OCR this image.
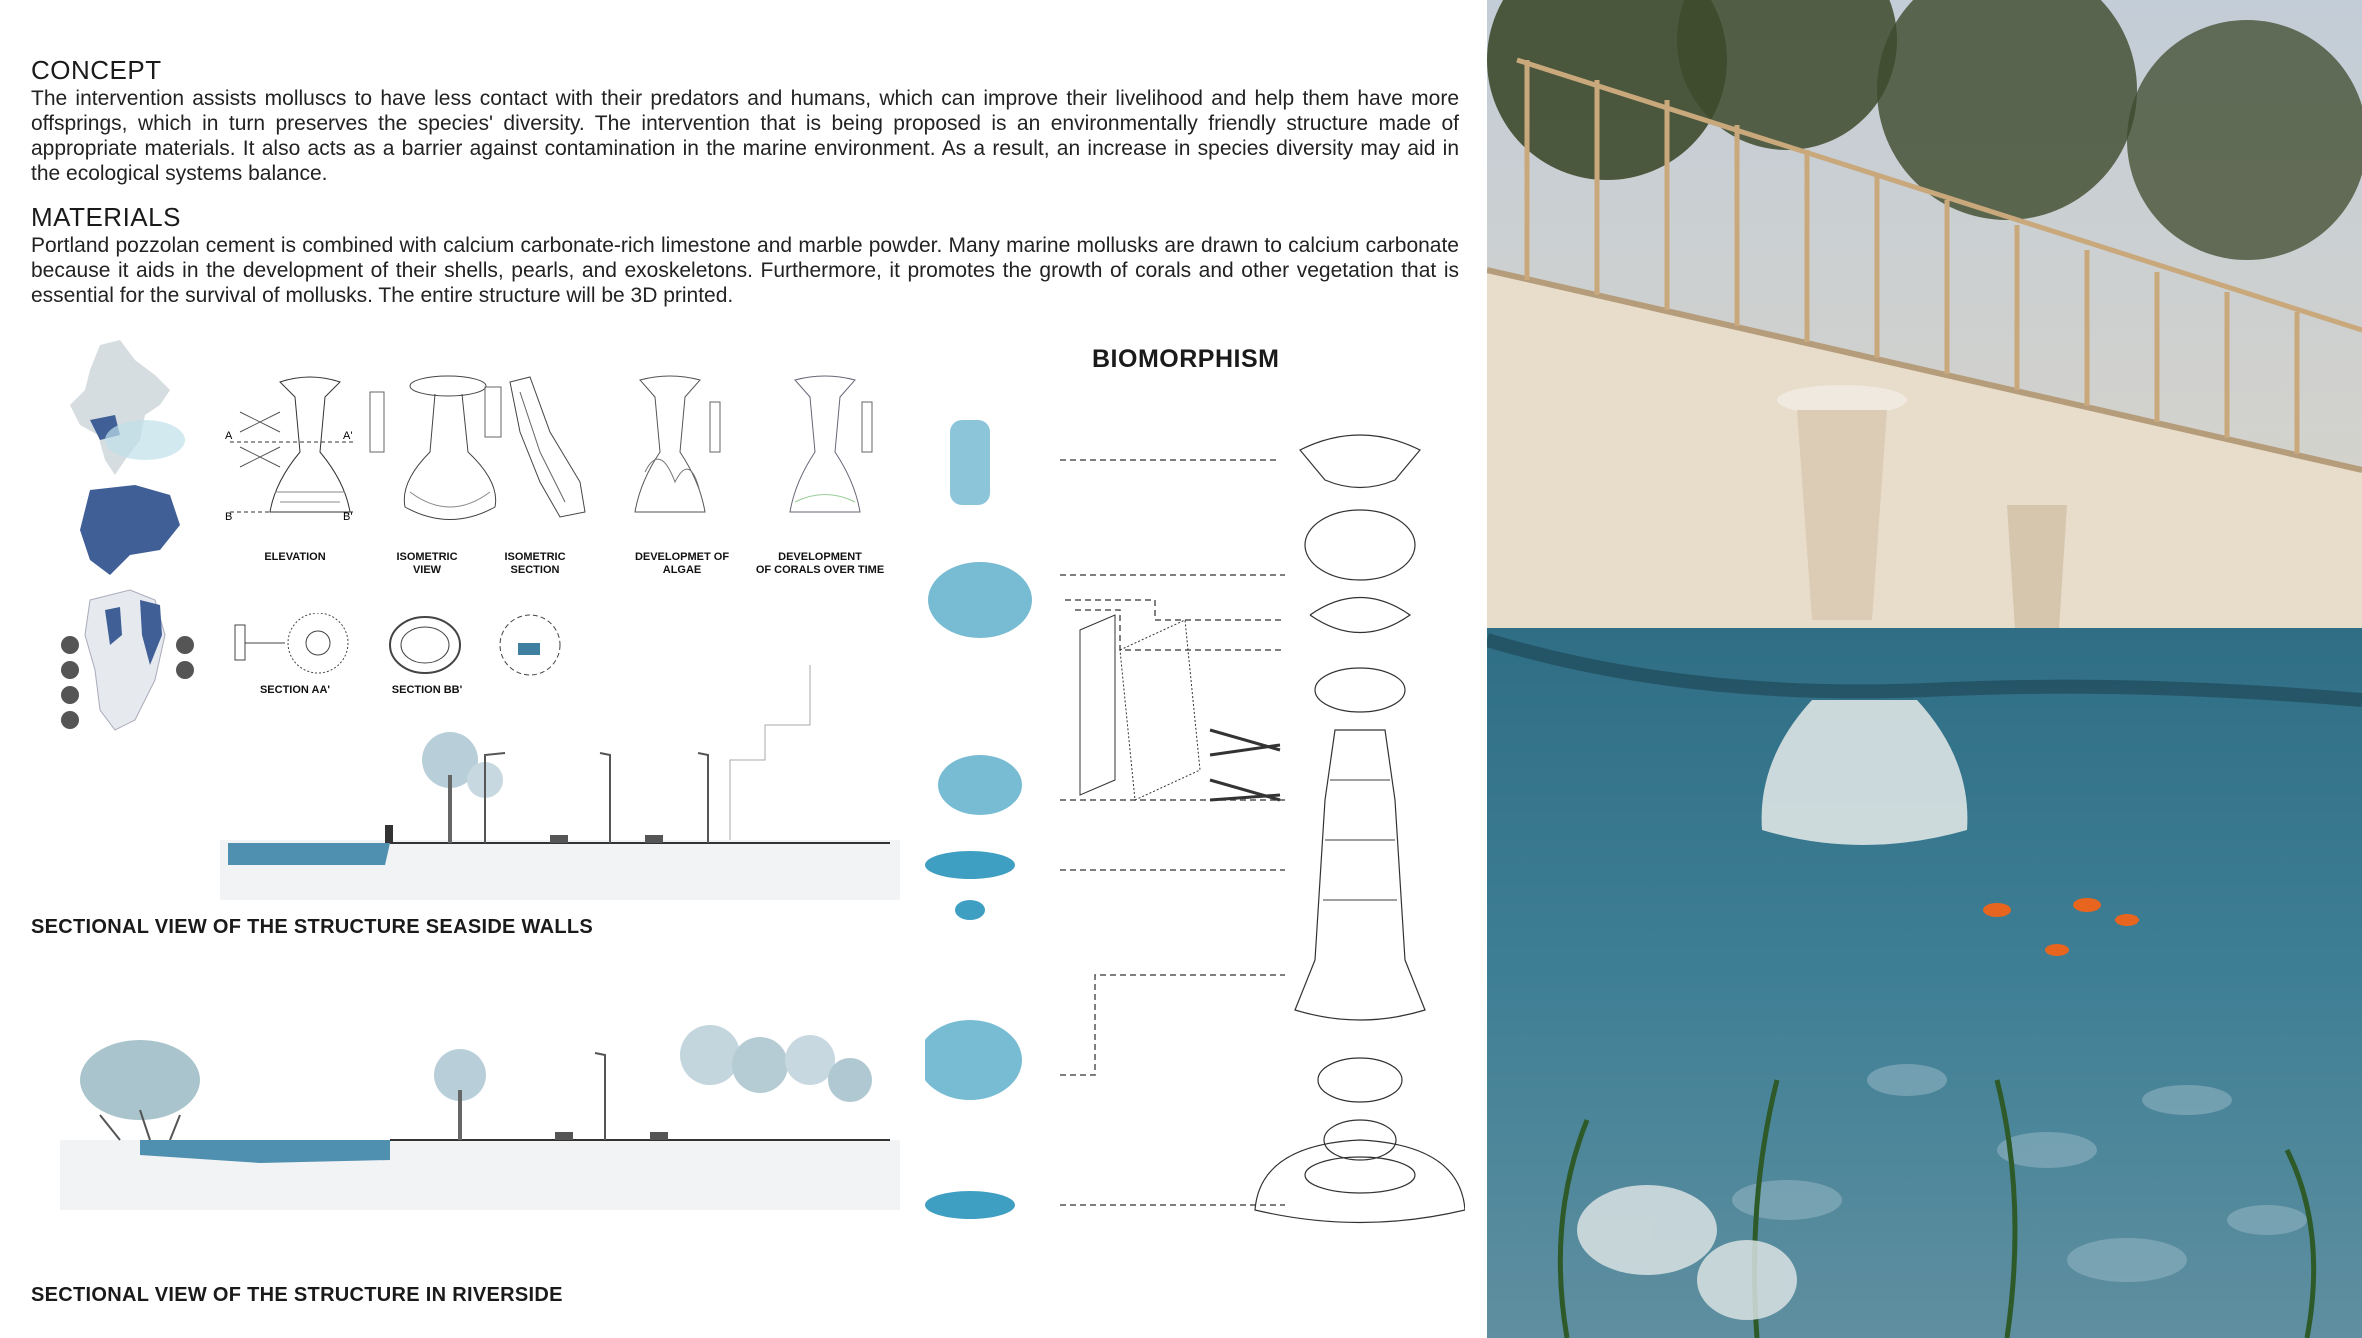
CONCEPT

The intervention assists molluscs to have less contact with their predators and humans, which can improve their livelihood and help them have more offsprings, which in turn preserves the species' diversity. The intervention that is being proposed is an environmentally friendly structure made of appropriate materials. It also acts as a barrier against contamination in the marine environment. As a result, an increase in species diversity may aid in the ecological systems balance.

MATERIALS

Portland pozzolan cement is combined with calcium carbonate-rich limestone and marble powder. Many marine mollusks are drawn to calcium carbonate because it aids in the development of their shells, pearls, and exoskeletons. Furthermore, it promotes the growth of corals and other vegetation that is essential for the survival of mollusks. The entire structure will be 3D printed.

A	A'
B	B'
ELEVATION	ISOMETRIC
VIEW
ISOMETRIC
SECTION
DEVELOPMET OF
ALGAE
DEVELOPMENT
OF CORALS OVER TIME
SECTION AA'	SECTION BB'
SECTIONAL VIEW OF THE STRUCTURE SEASIDE WALLS
SECTIONAL VIEW OF THE STRUCTURE IN RIVERSIDE
BIOMORPHISM
